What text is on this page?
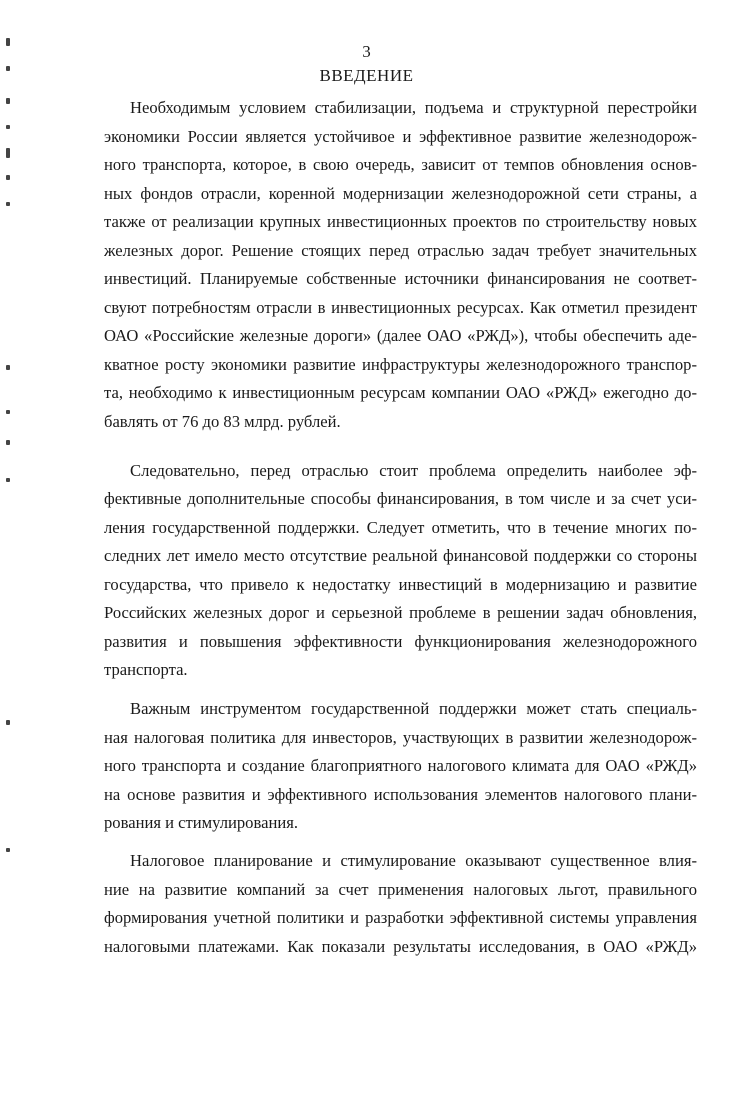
3
ВВЕДЕНИЕ
Необходимым условием стабилизации, подъема и структурной перестройки
экономики России является устойчивое и эффективное развитие железнодорож-
ного транспорта, которое, в свою очередь, зависит от темпов обновления основ-
ных фондов отрасли, коренной модернизации железнодорожной сети страны, а
также от реализации крупных инвестиционных проектов по строительству новых
железных дорог. Решение стоящих перед отраслью задач требует значительных
инвестиций. Планируемые собственные источники финансирования не соответ-
свуют потребностям отрасли в инвестиционных ресурсах. Как отметил президент
ОАО «Российские железные дороги» (далее ОАО «РЖД»), чтобы обеспечить аде-
кватное росту экономики развитие инфраструктуры железнодорожного транспор-
та, необходимо к инвестиционным ресурсам компании ОАО «РЖД» ежегодно до-
бавлять от 76 до 83 млрд. рублей.
Следовательно, перед отраслью стоит проблема определить наиболее эф-
фективные дополнительные способы финансирования, в том числе и за счет уси-
ления государственной поддержки. Следует отметить, что в течение многих по-
следних лет имело место отсутствие реальной финансовой поддержки со стороны
государства, что привело к недостатку инвестиций в модернизацию и развитие
Российских железных дорог и серьезной проблеме в решении задач обновления,
развития и повышения эффективности функционирования железнодорожного
транспорта.
Важным инструментом государственной поддержки может стать специаль-
ная налоговая политика для инвесторов, участвующих в развитии железнодорож-
ного транспорта и создание благоприятного налогового климата для ОАО «РЖД»
на основе развития и эффективного использования элементов налогового плани-
рования и стимулирования.
Налоговое планирование и стимулирование оказывают существенное влия-
ние на развитие компаний за счет применения налоговых льгот, правильного
формирования учетной политики и разработки эффективной системы управления
налоговыми платежами. Как показали результаты исследования, в ОАО «РЖД»
